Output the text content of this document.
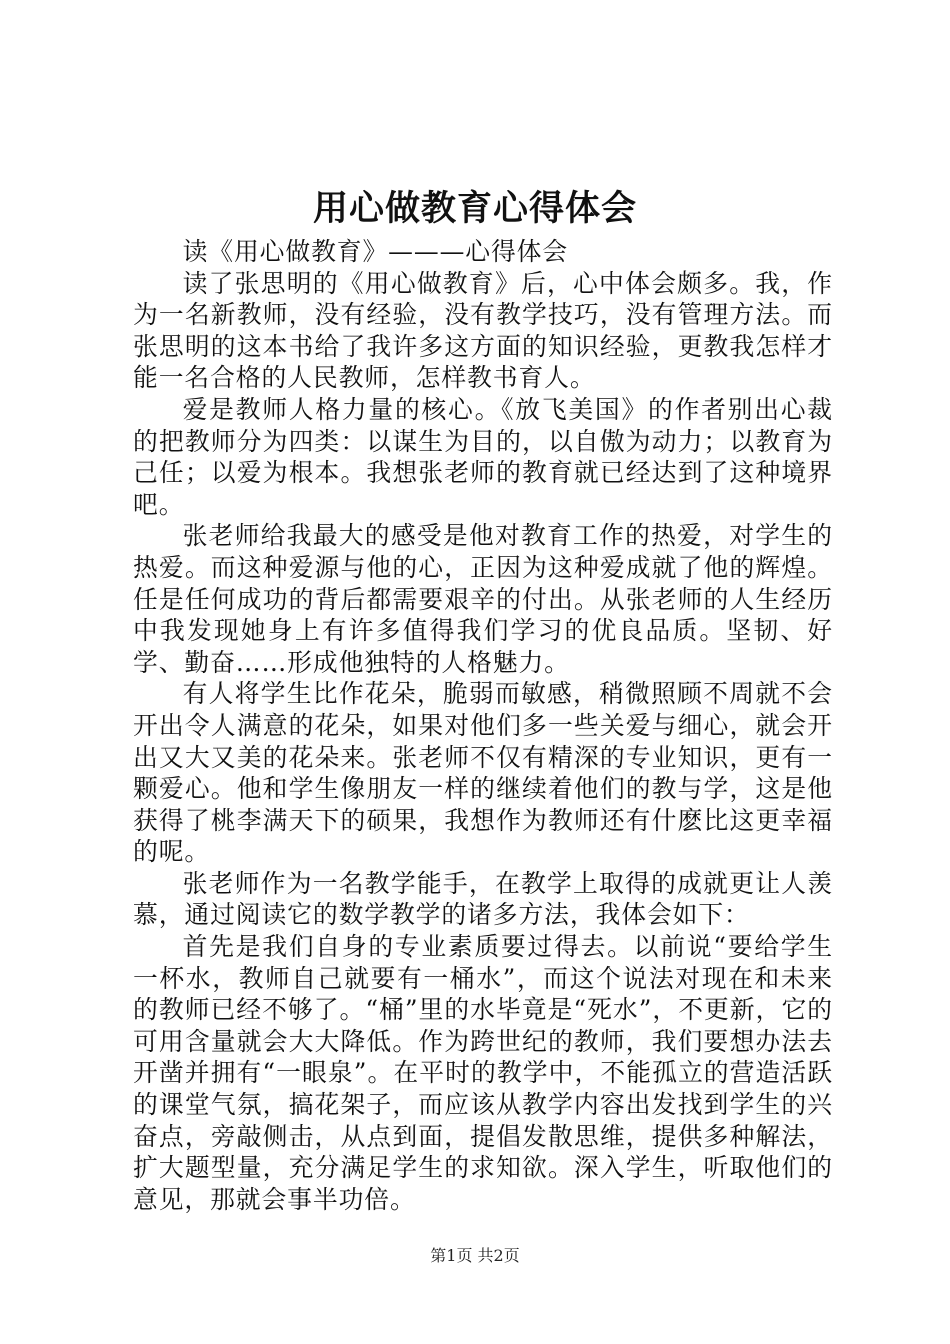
用心做教育心得体会

读《用心做教育》———心得体会

读了张思明的《用心做教育》后，心中体会颇多。我，作为一名新教师，没有经验，没有教学技巧，没有管理方法。而张思明的这本书给了我许多这方面的知识经验，更教我怎样才能一名合格的人民教师，怎样教书育人。

爱是教师人格力量的核心。《放飞美国》的作者别出心裁的把教师分为四类：以谋生为目的，以自傲为动力；以教育为己任；以爱为根本。我想张老师的教育就已经达到了这种境界吧。

张老师给我最大的感受是他对教育工作的热爱，对学生的热爱。而这种爱源与他的心，正因为这种爱成就了他的辉煌。任是任何成功的背后都需要艰辛的付出。从张老师的人生经历中我发现她身上有许多值得我们学习的优良品质。坚韧、好学、勤奋……形成他独特的人格魅力。

有人将学生比作花朵，脆弱而敏感，稍微照顾不周就不会开出令人满意的花朵，如果对他们多一些关爱与细心，就会开出又大又美的花朵来。张老师不仅有精深的专业知识，更有一颗爱心。他和学生像朋友一样的继续着他们的教与学，这是他获得了桃李满天下的硕果，我想作为教师还有什麽比这更幸福的呢。

张老师作为一名教学能手，在教学上取得的成就更让人羡慕，通过阅读它的数学教学的诸多方法，我体会如下：

首先是我们自身的专业素质要过得去。以前说“要给学生一杯水，教师自己就要有一桶水”，而这个说法对现在和未来的教师已经不够了。“桶”里的水毕竟是“死水”，不更新，它的可用含量就会大大降低。作为跨世纪的教师，我们要想办法去开凿并拥有“一眼泉”。在平时的教学中，不能孤立的营造活跃的课堂气氛，搞花架子，而应该从教学内容出发找到学生的兴奋点，旁敲侧击，从点到面，提倡发散思维，提供多种解法，扩大题型量，充分满足学生的求知欲。深入学生，听取他们的意见，那就会事半功倍。

第1页 共2页
